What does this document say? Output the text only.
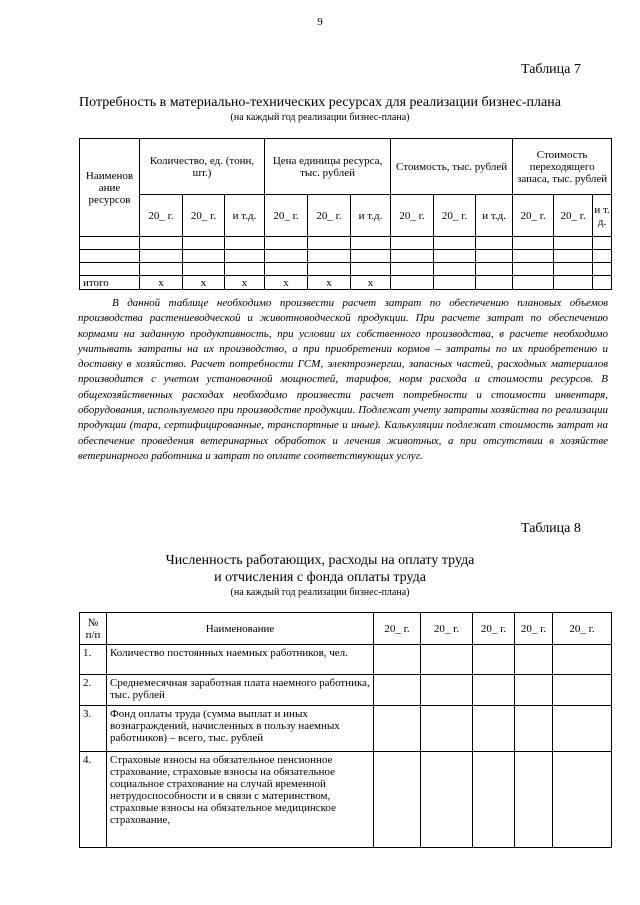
9
Таблица 7
Потребность в материально-технических ресурсах для реализации бизнес-плана
(на каждый год реализации бизнес-плана)
Наименов ание ресурсов	Количество, ед. (тонн, шт.)			Цена единицы ресурса, тыс. рублей			Стоимость, тыс. рублей			Стоимость переходящего запаса, тыс. рублей		
	20_ г.	20_ г.	и т.д.	20_ г.	20_ г.	и т.д.	20_ г.	20_ г.	и т.д.	20_ г.	20_ г.	и т. д.

итого	х	х	х	х	х	х						
В данной таблице необходимо произвести расчет затрат по обеспечению плановых объемов производства растениеводческой и животноводческой продукции. При расчете затрат по обеспечению кормами на заданную продуктивность, при условии их собственного производства, в расчете необходимо учитывать затраты на их производство, а при приобретении кормов – затраты по их приобретению и доставку в хозяйство. Расчет потребности ГСМ, электроэнергии, запасных частей, расходных материалов производится с учетом установочной мощностей, тарифов, норм расхода и стоимости ресурсов. В общехозяйственных расходах необходимо произвести расчет потребности и стоимости инвентаря, оборудования, используемого при производстве продукции. Подлежат учету затраты хозяйства по реализации продукции (тара, сертифицированные, транспортные и иные). Калькуляции подлежат стоимость затрат на обеспечение проведения ветеринарных обработок и лечения животных, а при отсутствии в хозяйстве ветеринарного работника и затрат по оплате соответствующих услуг.
Таблица 8
Численность работающих, расходы на оплату труда
и отчисления с фонда оплаты труда
(на каждый год реализации бизнес-плана)
№ п/п	Наименование	20_ г.	20_ г.	20_ г.	20_ г.	20_ г.
1.	Количество постоянных наемных работников, чел.					
2.	Среднемесячная заработная плата наемного работника, тыс. рублей					
3.	Фонд оплаты труда (сумма выплат и иных вознаграждений, начисленных в пользу наемных работников) – всего, тыс. рублей					
4.	Страховые взносы на обязательное пенсионное страхование, страховые взносы на обязательное социальное страхование на случай временной нетрудоспособности и в связи с материнством, страховые взносы на обязательное медицинское страхование,					
